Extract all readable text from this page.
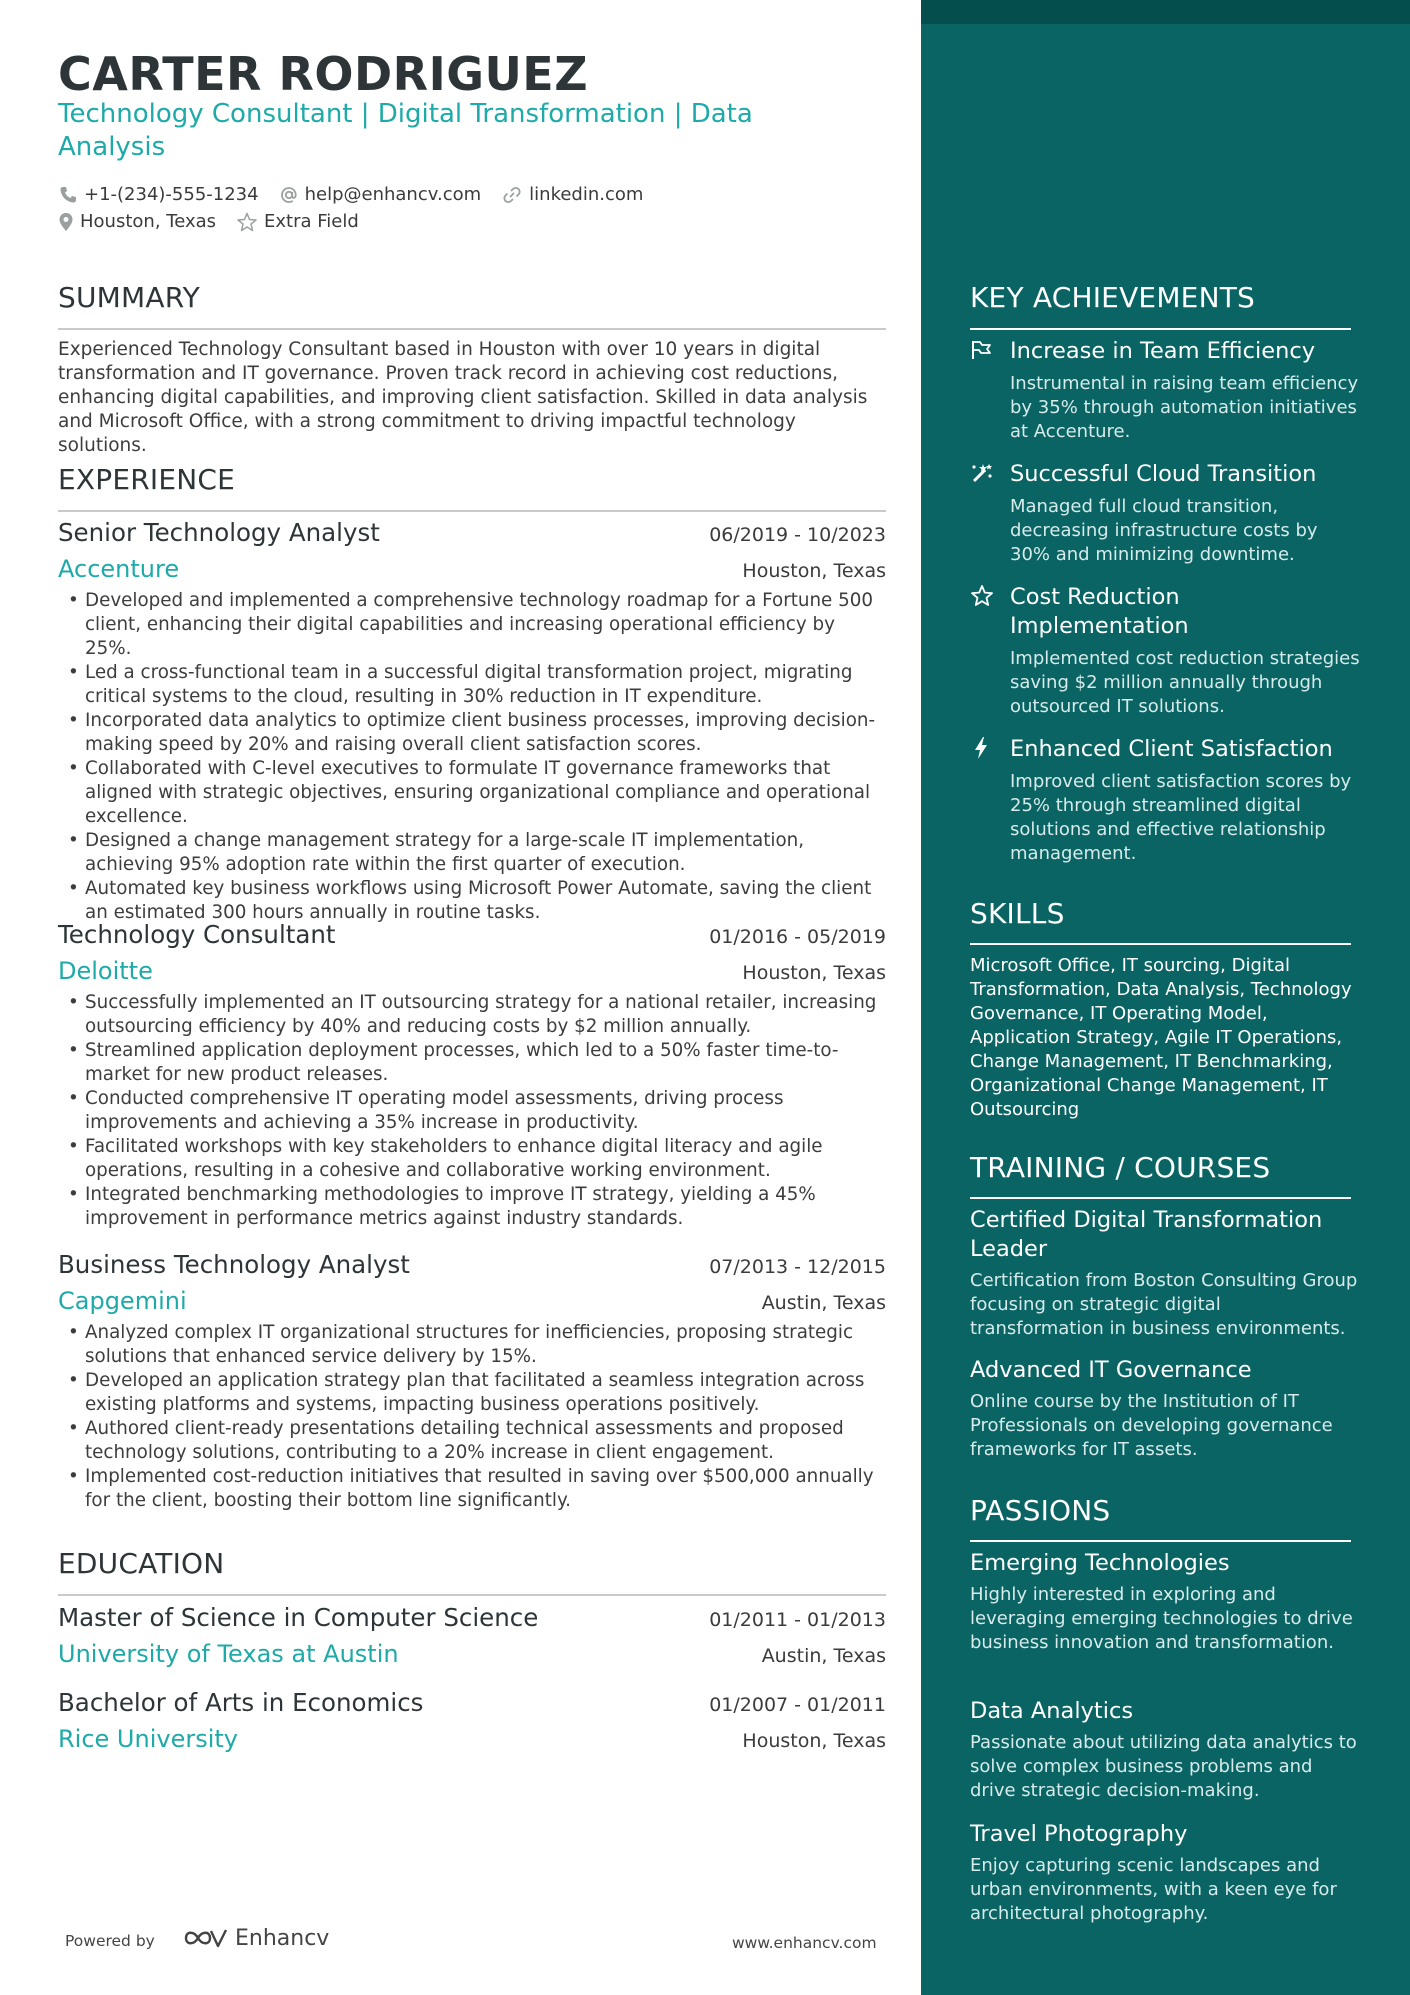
CARTER RODRIGUEZ
Technology Consultant | Digital Transformation | Data Analysis
+1-(234)-555-1234	help@enhancv.com	linkedin.com
Houston, Texas	Extra Field
SUMMARY
Experienced Technology Consultant based in Houston with over 10 years in digital transformation and IT governance. Proven track record in achieving cost reductions, enhancing digital capabilities, and improving client satisfaction. Skilled in data analysis and Microsoft Office, with a strong commitment to driving impactful technology solutions.
EXPERIENCE
Senior Technology Analyst	06/2019 - 10/2023
Accenture	Houston, Texas
• Developed and implemented a comprehensive technology roadmap for a Fortune 500 client, enhancing their digital capabilities and increasing operational efficiency by 25%.
• Led a cross-functional team in a successful digital transformation project, migrating critical systems to the cloud, resulting in 30% reduction in IT expenditure.
• Incorporated data analytics to optimize client business processes, improving decision-making speed by 20% and raising overall client satisfaction scores.
• Collaborated with C-level executives to formulate IT governance frameworks that aligned with strategic objectives, ensuring organizational compliance and operational excellence.
• Designed a change management strategy for a large-scale IT implementation, achieving 95% adoption rate within the first quarter of execution.
• Automated key business workflows using Microsoft Power Automate, saving the client an estimated 300 hours annually in routine tasks.
Technology Consultant	01/2016 - 05/2019
Deloitte	Houston, Texas
• Successfully implemented an IT outsourcing strategy for a national retailer, increasing outsourcing efficiency by 40% and reducing costs by $2 million annually.
• Streamlined application deployment processes, which led to a 50% faster time-to-market for new product releases.
• Conducted comprehensive IT operating model assessments, driving process improvements and achieving a 35% increase in productivity.
• Facilitated workshops with key stakeholders to enhance digital literacy and agile operations, resulting in a cohesive and collaborative working environment.
• Integrated benchmarking methodologies to improve IT strategy, yielding a 45% improvement in performance metrics against industry standards.
Business Technology Analyst	07/2013 - 12/2015
Capgemini	Austin, Texas
• Analyzed complex IT organizational structures for inefficiencies, proposing strategic solutions that enhanced service delivery by 15%.
• Developed an application strategy plan that facilitated a seamless integration across existing platforms and systems, impacting business operations positively.
• Authored client-ready presentations detailing technical assessments and proposed technology solutions, contributing to a 20% increase in client engagement.
• Implemented cost-reduction initiatives that resulted in saving over $500,000 annually for the client, boosting their bottom line significantly.
EDUCATION
Master of Science in Computer Science	01/2011 - 01/2013
University of Texas at Austin	Austin, Texas
Bachelor of Arts in Economics	01/2007 - 01/2011
Rice University	Houston, Texas
Powered by	Enhancv	www.enhancv.com
KEY ACHIEVEMENTS
Increase in Team Efficiency
Instrumental in raising team efficiency by 35% through automation initiatives at Accenture.
Successful Cloud Transition
Managed full cloud transition, decreasing infrastructure costs by 30% and minimizing downtime.
Cost Reduction Implementation
Implemented cost reduction strategies saving $2 million annually through outsourced IT solutions.
Enhanced Client Satisfaction
Improved client satisfaction scores by 25% through streamlined digital solutions and effective relationship management.
SKILLS
Microsoft Office, IT sourcing, Digital Transformation, Data Analysis, Technology Governance, IT Operating Model, Application Strategy, Agile IT Operations, Change Management, IT Benchmarking, Organizational Change Management, IT Outsourcing
TRAINING / COURSES
Certified Digital Transformation Leader
Certification from Boston Consulting Group focusing on strategic digital transformation in business environments.
Advanced IT Governance
Online course by the Institution of IT Professionals on developing governance frameworks for IT assets.
PASSIONS
Emerging Technologies
Highly interested in exploring and leveraging emerging technologies to drive business innovation and transformation.
Data Analytics
Passionate about utilizing data analytics to solve complex business problems and drive strategic decision-making.
Travel Photography
Enjoy capturing scenic landscapes and urban environments, with a keen eye for architectural photography.
